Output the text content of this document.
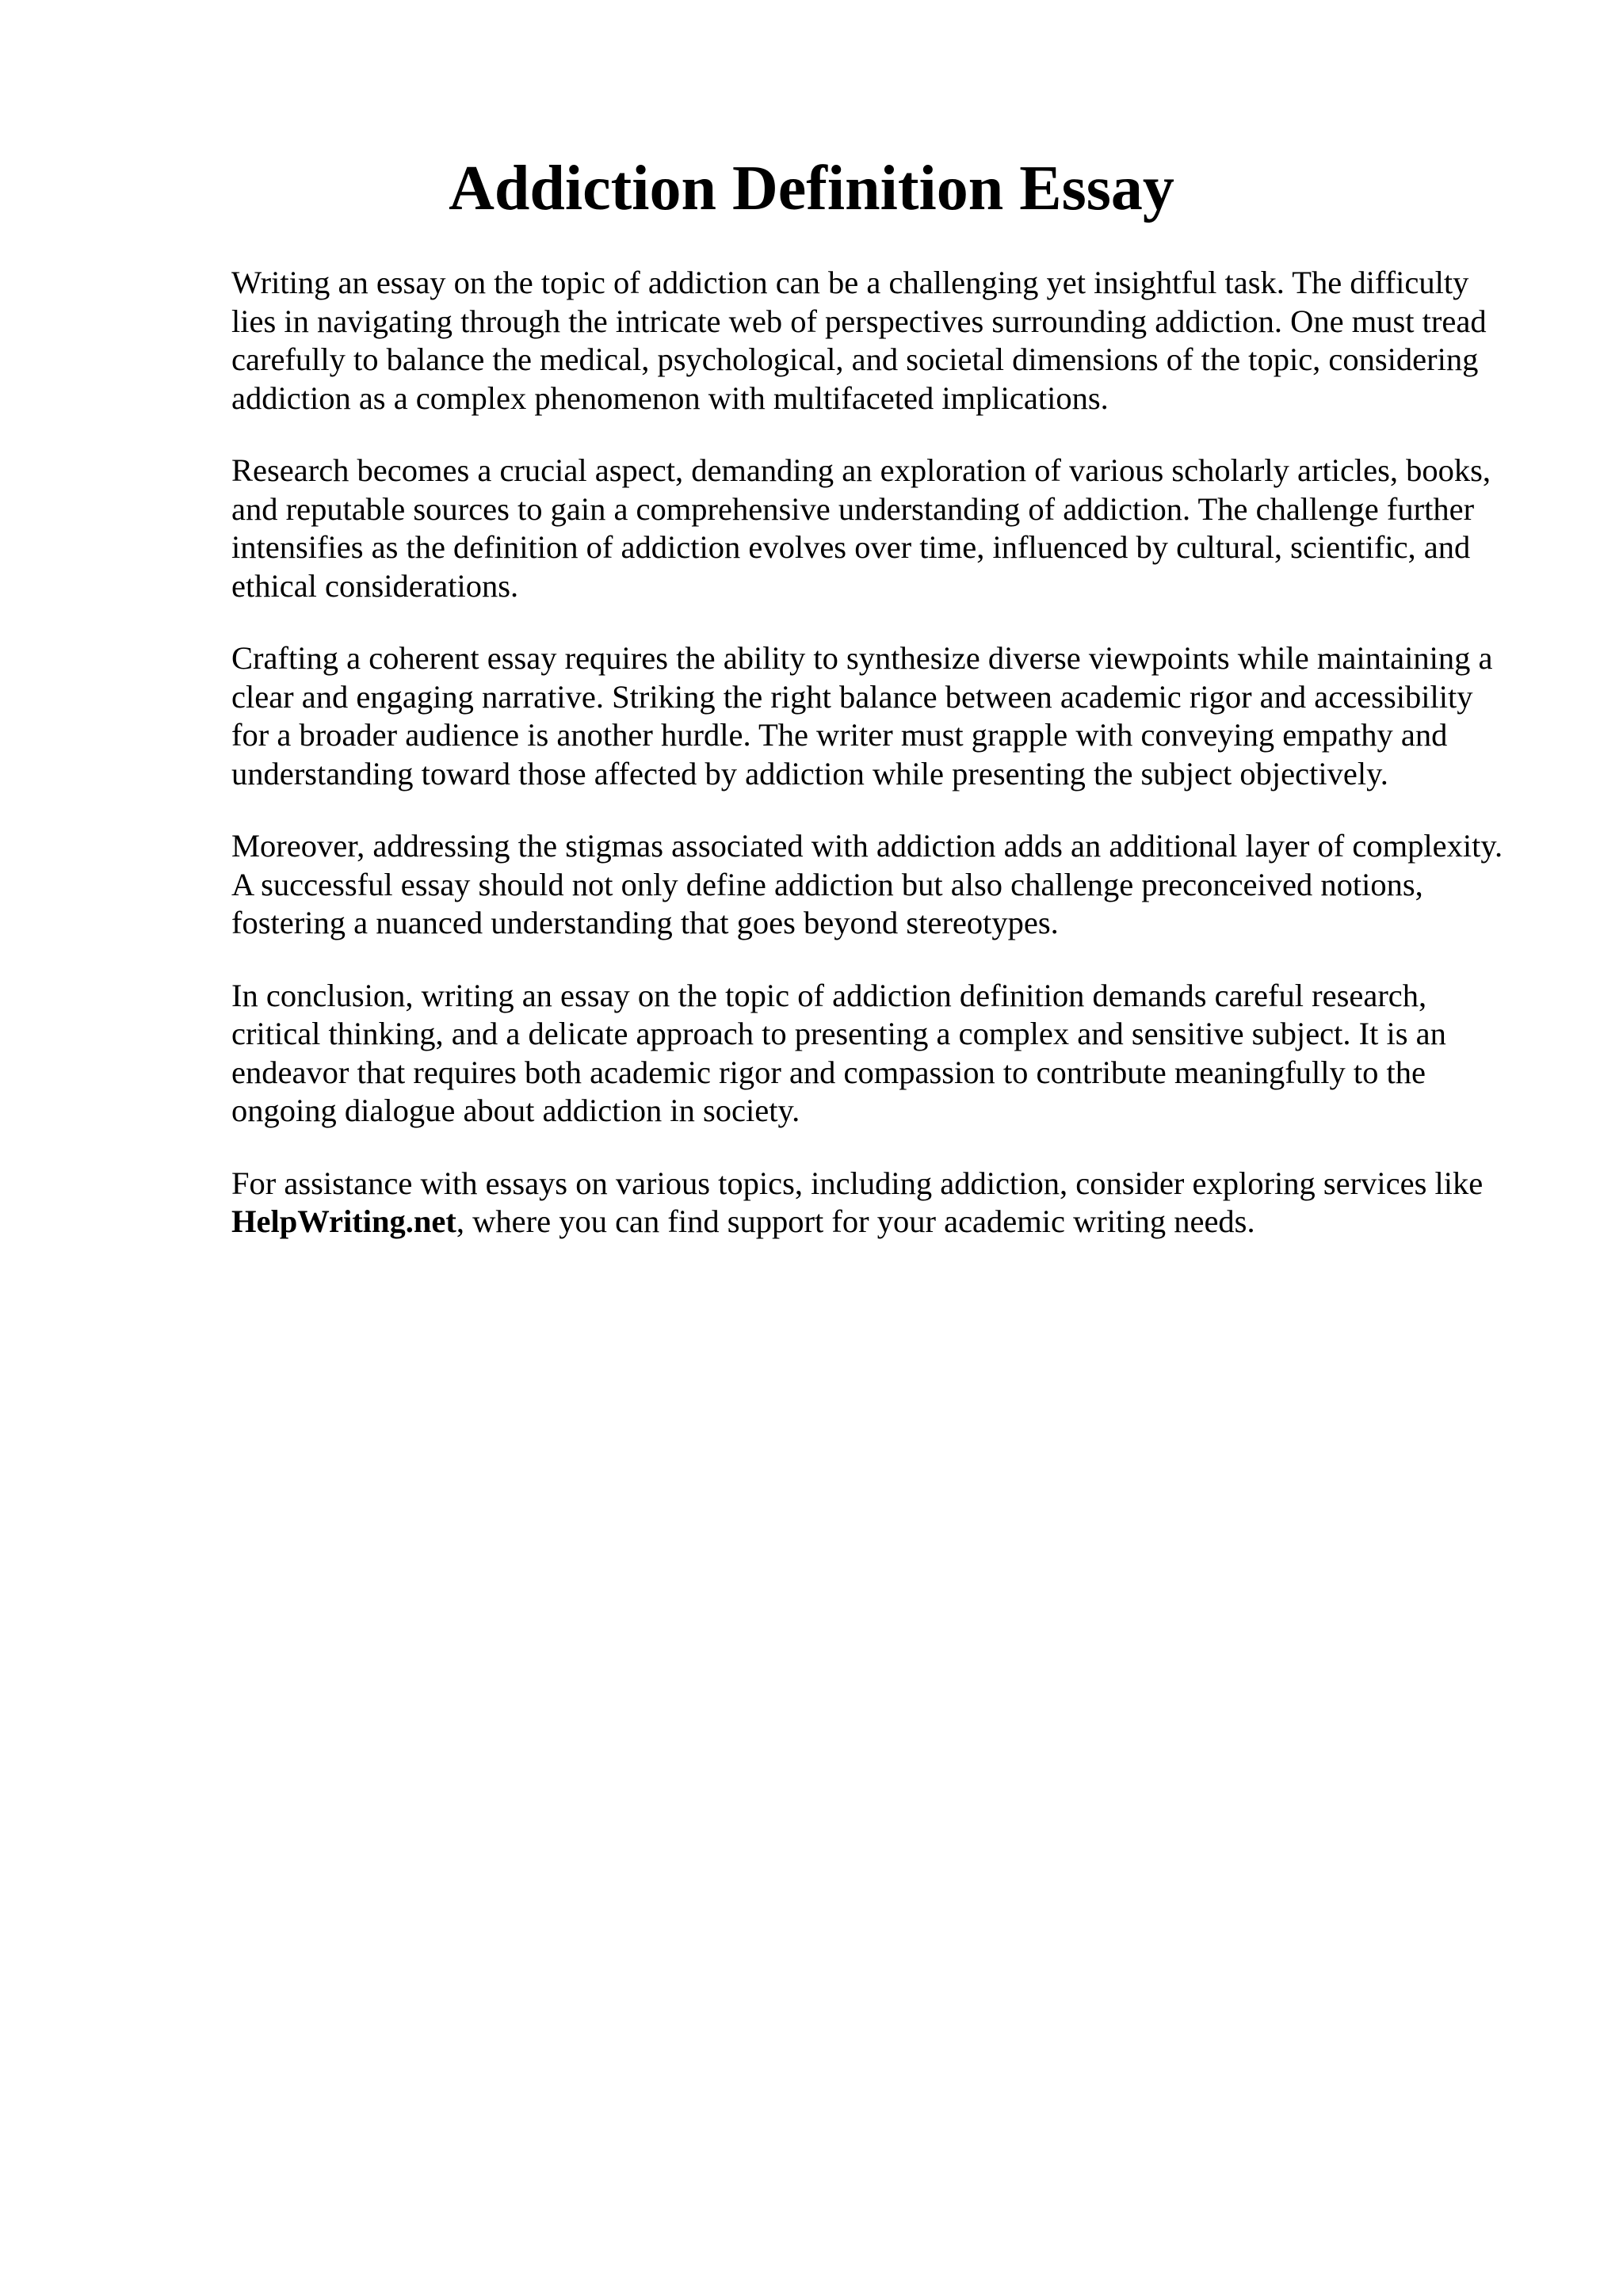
Addiction Definition Essay

Writing an essay on the topic of addiction can be a challenging yet insightful task. The difficulty lies in navigating through the intricate web of perspectives surrounding addiction. One must tread carefully to balance the medical, psychological, and societal dimensions of the topic, considering addiction as a complex phenomenon with multifaceted implications.

Research becomes a crucial aspect, demanding an exploration of various scholarly articles, books, and reputable sources to gain a comprehensive understanding of addiction. The challenge further intensifies as the definition of addiction evolves over time, influenced by cultural, scientific, and ethical considerations.

Crafting a coherent essay requires the ability to synthesize diverse viewpoints while maintaining a clear and engaging narrative. Striking the right balance between academic rigor and accessibility for a broader audience is another hurdle. The writer must grapple with conveying empathy and understanding toward those affected by addiction while presenting the subject objectively.

Moreover, addressing the stigmas associated with addiction adds an additional layer of complexity. A successful essay should not only define addiction but also challenge preconceived notions, fostering a nuanced understanding that goes beyond stereotypes.

In conclusion, writing an essay on the topic of addiction definition demands careful research, critical thinking, and a delicate approach to presenting a complex and sensitive subject. It is an endeavor that requires both academic rigor and compassion to contribute meaningfully to the ongoing dialogue about addiction in society.

For assistance with essays on various topics, including addiction, consider exploring services like
HelpWriting.net, where you can find support for your academic writing needs.
